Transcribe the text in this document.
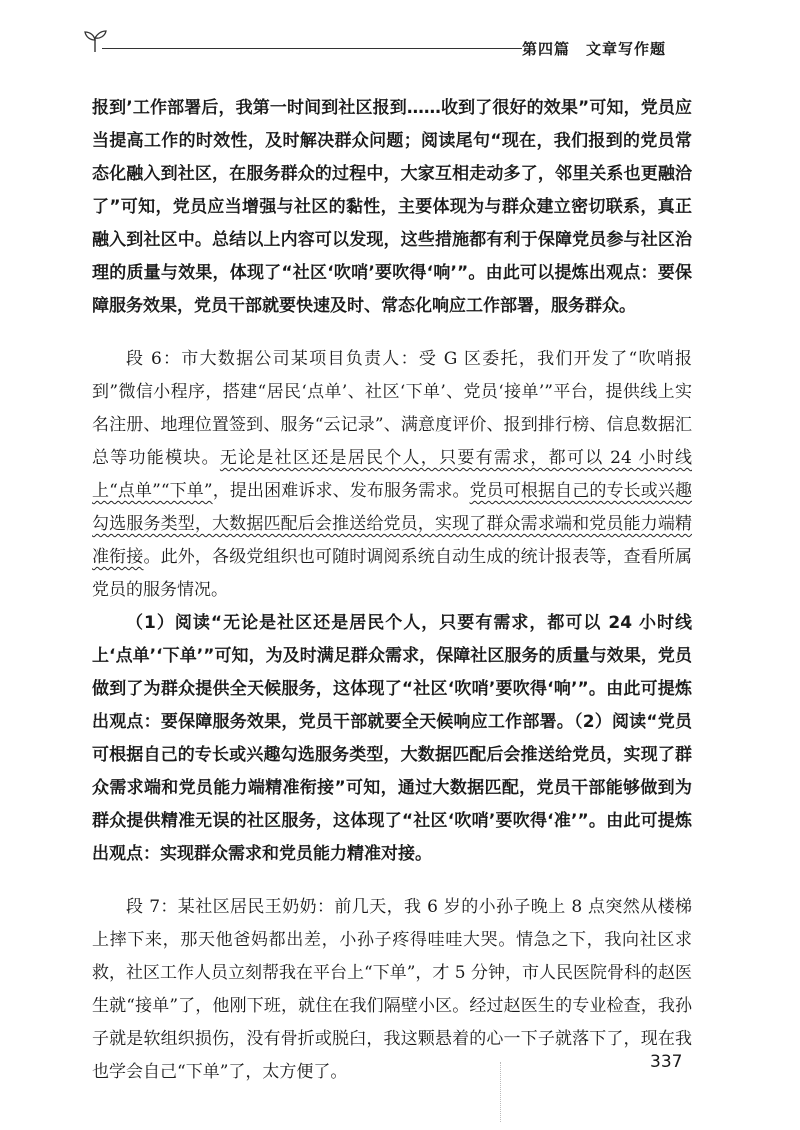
第四篇　文章写作题

报到’工作部署后，我第一时间到社区报到……收到了很好的效果”可知，党员应当提高工作的时效性，及时解决群众问题；阅读尾句“现在，我们报到的党员常态化融入到社区，在服务群众的过程中，大家互相走动多了，邻里关系也更融洽了”可知，党员应当增强与社区的黏性，主要体现为与群众建立密切联系，真正融入到社区中。总结以上内容可以发现，这些措施都有利于保障党员参与社区治理的质量与效果，体现了“社区‘吹哨’要吹得‘响’”。由此可以提炼出观点：要保障服务效果，党员干部就要快速及时、常态化响应工作部署，服务群众。

段 6：市大数据公司某项目负责人：受 G 区委托，我们开发了“吹哨报到”微信小程序，搭建“居民‘点单’、社区‘下单’、党员‘接单’”平台，提供线上实名注册、地理位置签到、服务“云记录”、满意度评价、报到排行榜、信息数据汇总等功能模块。无论是社区还是居民个人，只要有需求，都可以 24 小时线上“点单”“下单”，提出困难诉求、发布服务需求。党员可根据自己的专长或兴趣勾选服务类型，大数据匹配后会推送给党员，实现了群众需求端和党员能力端精准衔接。此外，各级党组织也可随时调阅系统自动生成的统计报表等，查看所属党员的服务情况。

（1）阅读“无论是社区还是居民个人，只要有需求，都可以 24 小时线上‘点单’‘下单’”可知，为及时满足群众需求，保障社区服务的质量与效果，党员做到了为群众提供全天候服务，这体现了“社区‘吹哨’要吹得‘响’”。由此可提炼出观点：要保障服务效果，党员干部就要全天候响应工作部署。（2）阅读“党员可根据自己的专长或兴趣勾选服务类型，大数据匹配后会推送给党员，实现了群众需求端和党员能力端精准衔接”可知，通过大数据匹配，党员干部能够做到为群众提供精准无误的社区服务，这体现了“社区‘吹哨’要吹得‘准’”。由此可提炼出观点：实现群众需求和党员能力精准对接。

段 7：某社区居民王奶奶：前几天，我 6 岁的小孙子晚上 8 点突然从楼梯上摔下来，那天他爸妈都出差，小孙子疼得哇哇大哭。情急之下，我向社区求救，社区工作人员立刻帮我在平台上“下单”，才 5 分钟，市人民医院骨科的赵医生就“接单”了，他刚下班，就住在我们隔壁小区。经过赵医生的专业检查，我孙子就是软组织损伤，没有骨折或脱臼，我这颗悬着的心一下子就落下了，现在我也学会自己“下单”了，太方便了。	337
